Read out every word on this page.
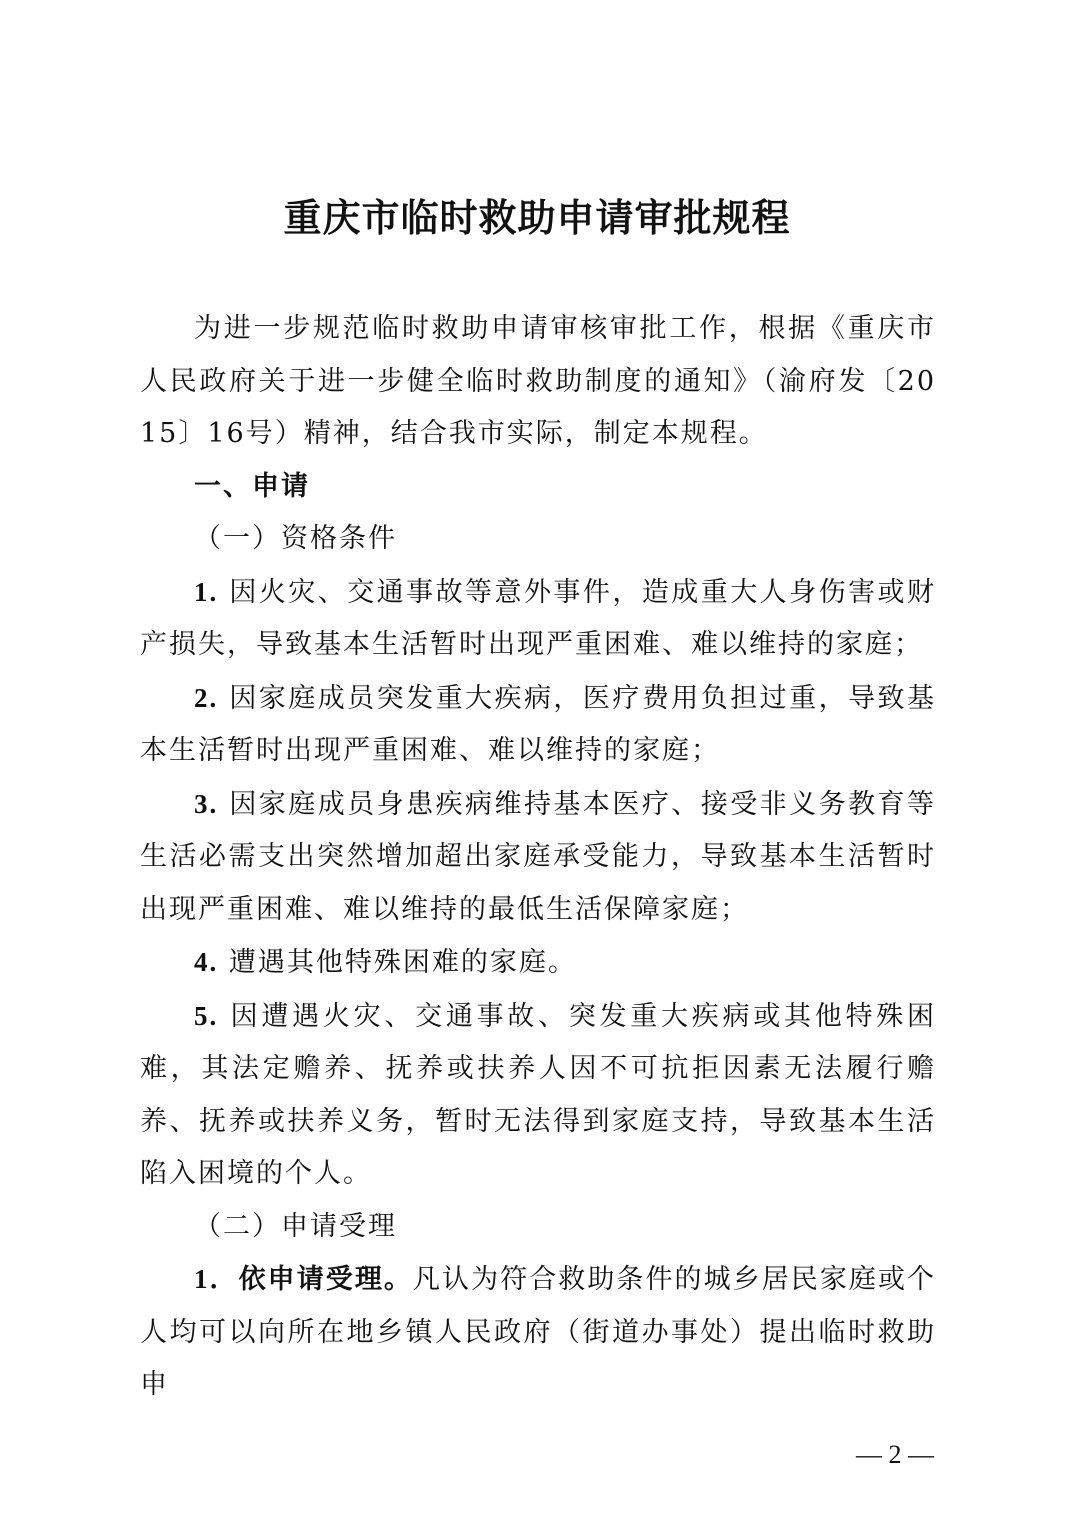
重庆市临时救助申请审批规程

为进一步规范临时救助申请审核审批工作，根据《重庆市人民政府关于进一步健全临时救助制度的通知》（渝府发〔2015〕16号）精神，结合我市实际，制定本规程。

一、申请

（一）资格条件

1. 因火灾、交通事故等意外事件，造成重大人身伤害或财产损失，导致基本生活暂时出现严重困难、难以维持的家庭；

2. 因家庭成员突发重大疾病，医疗费用负担过重，导致基本生活暂时出现严重困难、难以维持的家庭；

3. 因家庭成员身患疾病维持基本医疗、接受非义务教育等生活必需支出突然增加超出家庭承受能力，导致基本生活暂时出现严重困难、难以维持的最低生活保障家庭；

4. 遭遇其他特殊困难的家庭。

5. 因遭遇火灾、交通事故、突发重大疾病或其他特殊困难，其法定赡养、抚养或扶养人因不可抗拒因素无法履行赡养、抚养或扶养义务，暂时无法得到家庭支持，导致基本生活陷入困境的个人。

（二）申请受理

1．依申请受理。凡认为符合救助条件的城乡居民家庭或个人均可以向所在地乡镇人民政府（街道办事处）提出临时救助申

— 2 —
